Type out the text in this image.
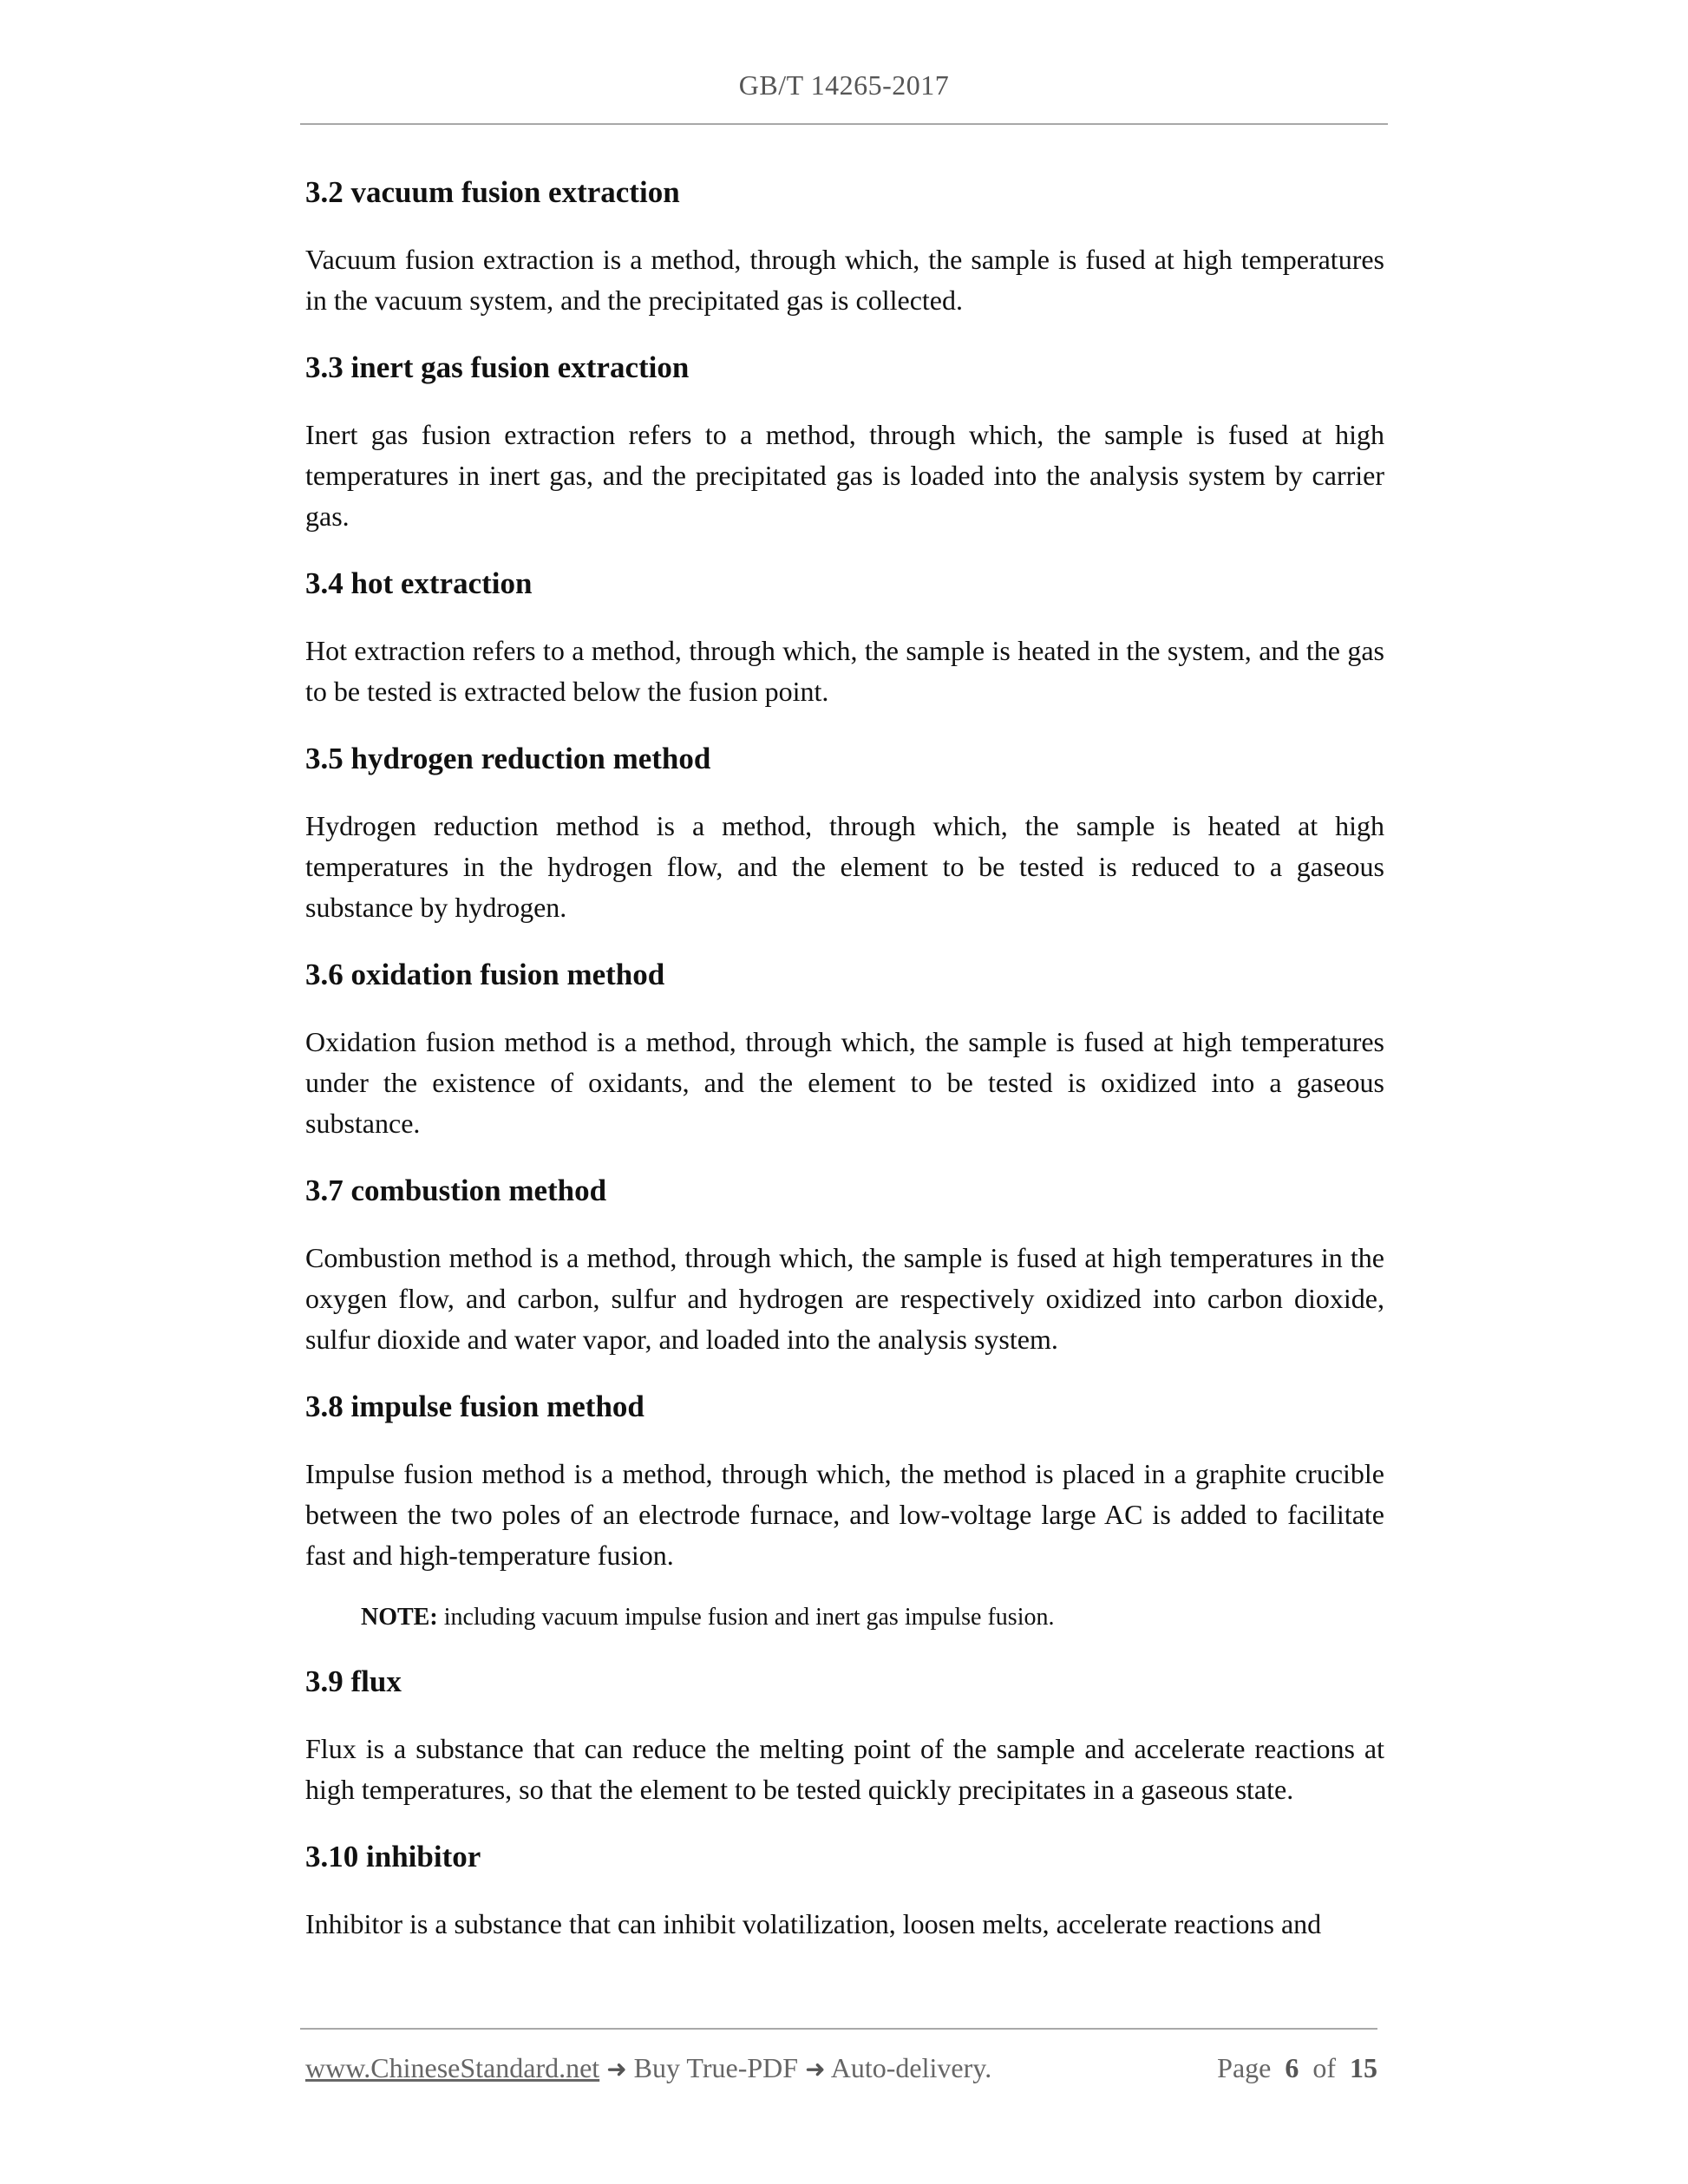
GB/T 14265-2017
3.2 vacuum fusion extraction

Vacuum fusion extraction is a method, through which, the sample is fused at high temperatures in the vacuum system, and the precipitated gas is collected.

3.3 inert gas fusion extraction

Inert gas fusion extraction refers to a method, through which, the sample is fused at high temperatures in inert gas, and the precipitated gas is loaded into the analysis system by carrier gas.

3.4 hot extraction

Hot extraction refers to a method, through which, the sample is heated in the system, and the gas to be tested is extracted below the fusion point.

3.5 hydrogen reduction method

Hydrogen reduction method is a method, through which, the sample is heated at high temperatures in the hydrogen flow, and the element to be tested is reduced to a gaseous substance by hydrogen.

3.6 oxidation fusion method

Oxidation fusion method is a method, through which, the sample is fused at high temperatures under the existence of oxidants, and the element to be tested is oxidized into a gaseous substance.

3.7 combustion method

Combustion method is a method, through which, the sample is fused at high temperatures in the oxygen flow, and carbon, sulfur and hydrogen are respectively oxidized into carbon dioxide, sulfur dioxide and water vapor, and loaded into the analysis system.

3.8 impulse fusion method

Impulse fusion method is a method, through which, the method is placed in a graphite crucible between the two poles of an electrode furnace, and low-voltage large AC is added to facilitate fast and high-temperature fusion.

NOTE: including vacuum impulse fusion and inert gas impulse fusion.

3.9 flux

Flux is a substance that can reduce the melting point of the sample and accelerate reactions at high temperatures, so that the element to be tested quickly precipitates in a gaseous state.

3.10 inhibitor

Inhibitor is a substance that can inhibit volatilization, loosen melts, accelerate reactions and

www.ChineseStandard.net ➜ Buy True-PDF ➜ Auto-delivery.	Page 6 of 15
